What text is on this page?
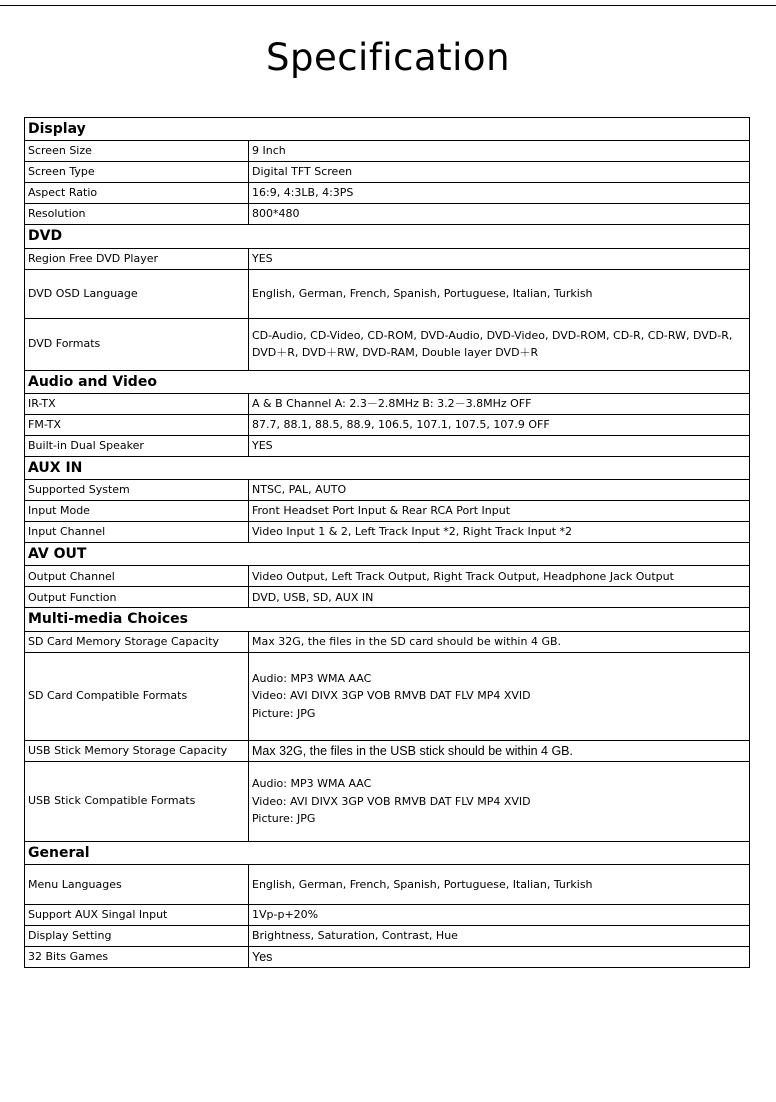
Specification

Display	
Screen Size	9 Inch
Screen Type	Digital TFT Screen
Aspect Ratio	16:9, 4:3LB, 4:3PS
Resolution	800*480
DVD	
Region Free DVD Player	YES
DVD OSD Language	English, German, French, Spanish, Portuguese, Italian, Turkish
DVD Formats	CD-Audio, CD-Video, CD-ROM, DVD-Audio, DVD-Video, DVD-ROM, CD-R, CD-RW, DVD-R, DVD＋R, DVD＋RW, DVD-RAM, Double layer DVD＋R
Audio and Video	
IR-TX	A & B Channel A: 2.3－2.8MHz B: 3.2－3.8MHz OFF
FM-TX	87.7, 88.1, 88.5, 88.9, 106.5, 107.1, 107.5, 107.9 OFF
Built-in Dual Speaker	YES
AUX IN	
Supported System	NTSC, PAL, AUTO
Input Mode	Front Headset Port Input & Rear RCA Port Input
Input Channel	Video Input 1 & 2, Left Track Input *2, Right Track Input *2
AV OUT	
Output Channel	Video Output, Left Track Output, Right Track Output, Headphone Jack Output
Output Function	DVD, USB, SD, AUX IN
Multi-media Choices	
SD Card Memory Storage Capacity	Max 32G, the files in the SD card should be within 4 GB.
SD Card Compatible Formats	Audio: MP3 WMA AAC
Video: AVI DIVX 3GP VOB RMVB DAT FLV MP4 XVID
Picture: JPG
USB Stick Memory Storage Capacity	Max 32G, the files in the USB stick should be within 4 GB.
USB Stick Compatible Formats	Audio: MP3 WMA AAC
Video: AVI DIVX 3GP VOB RMVB DAT FLV MP4 XVID
Picture: JPG
General	
Menu Languages	English, German, French, Spanish, Portuguese, Italian, Turkish
Support AUX Singal Input	1Vp-p+20%
Display Setting	Brightness, Saturation, Contrast, Hue
32 Bits Games	Yes
